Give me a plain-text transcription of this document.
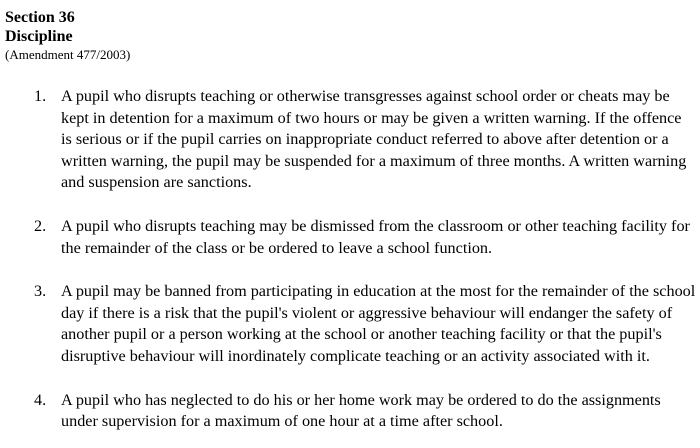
Section 36
Discipline
(Amendment 477/2003)
1. A pupil who disrupts teaching or otherwise transgresses against school order or cheats may be kept in detention for a maximum of two hours or may be given a written warning. If the offence is serious or if the pupil carries on inappropriate conduct referred to above after detention or a written warning, the pupil may be suspended for a maximum of three months. A written warning and suspension are sanctions.
2. A pupil who disrupts teaching may be dismissed from the classroom or other teaching facility for the remainder of the class or be ordered to leave a school function.
3. A pupil may be banned from participating in education at the most for the remainder of the school day if there is a risk that the pupil's violent or aggressive behaviour will endanger the safety of another pupil or a person working at the school or another teaching facility or that the pupil's disruptive behaviour will inordinately complicate teaching or an activity associated with it.
4. A pupil who has neglected to do his or her home work may be ordered to do the assignments under supervision for a maximum of one hour at a time after school.
